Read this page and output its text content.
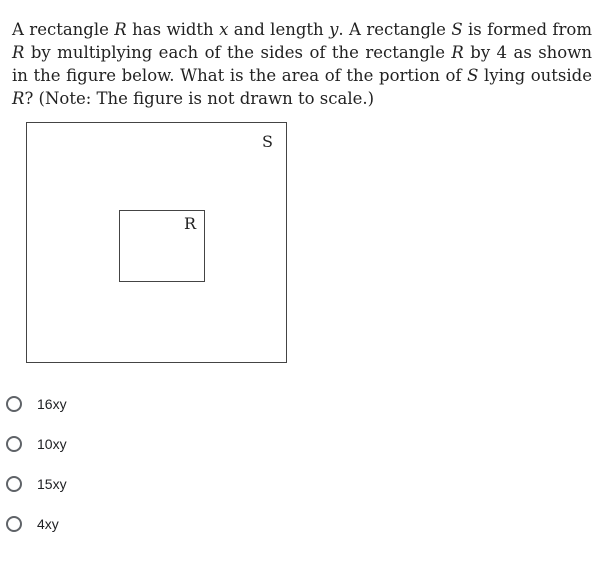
A rectangle R has width x and length y. A rectangle S is formed from R by multiplying each of the sides of the rectangle R by 4 as shown in the figure below. What is the area of the portion of S lying outside R? (Note: The figure is not drawn to scale.)

S
R
16xy
10xy
15xy
4xy
